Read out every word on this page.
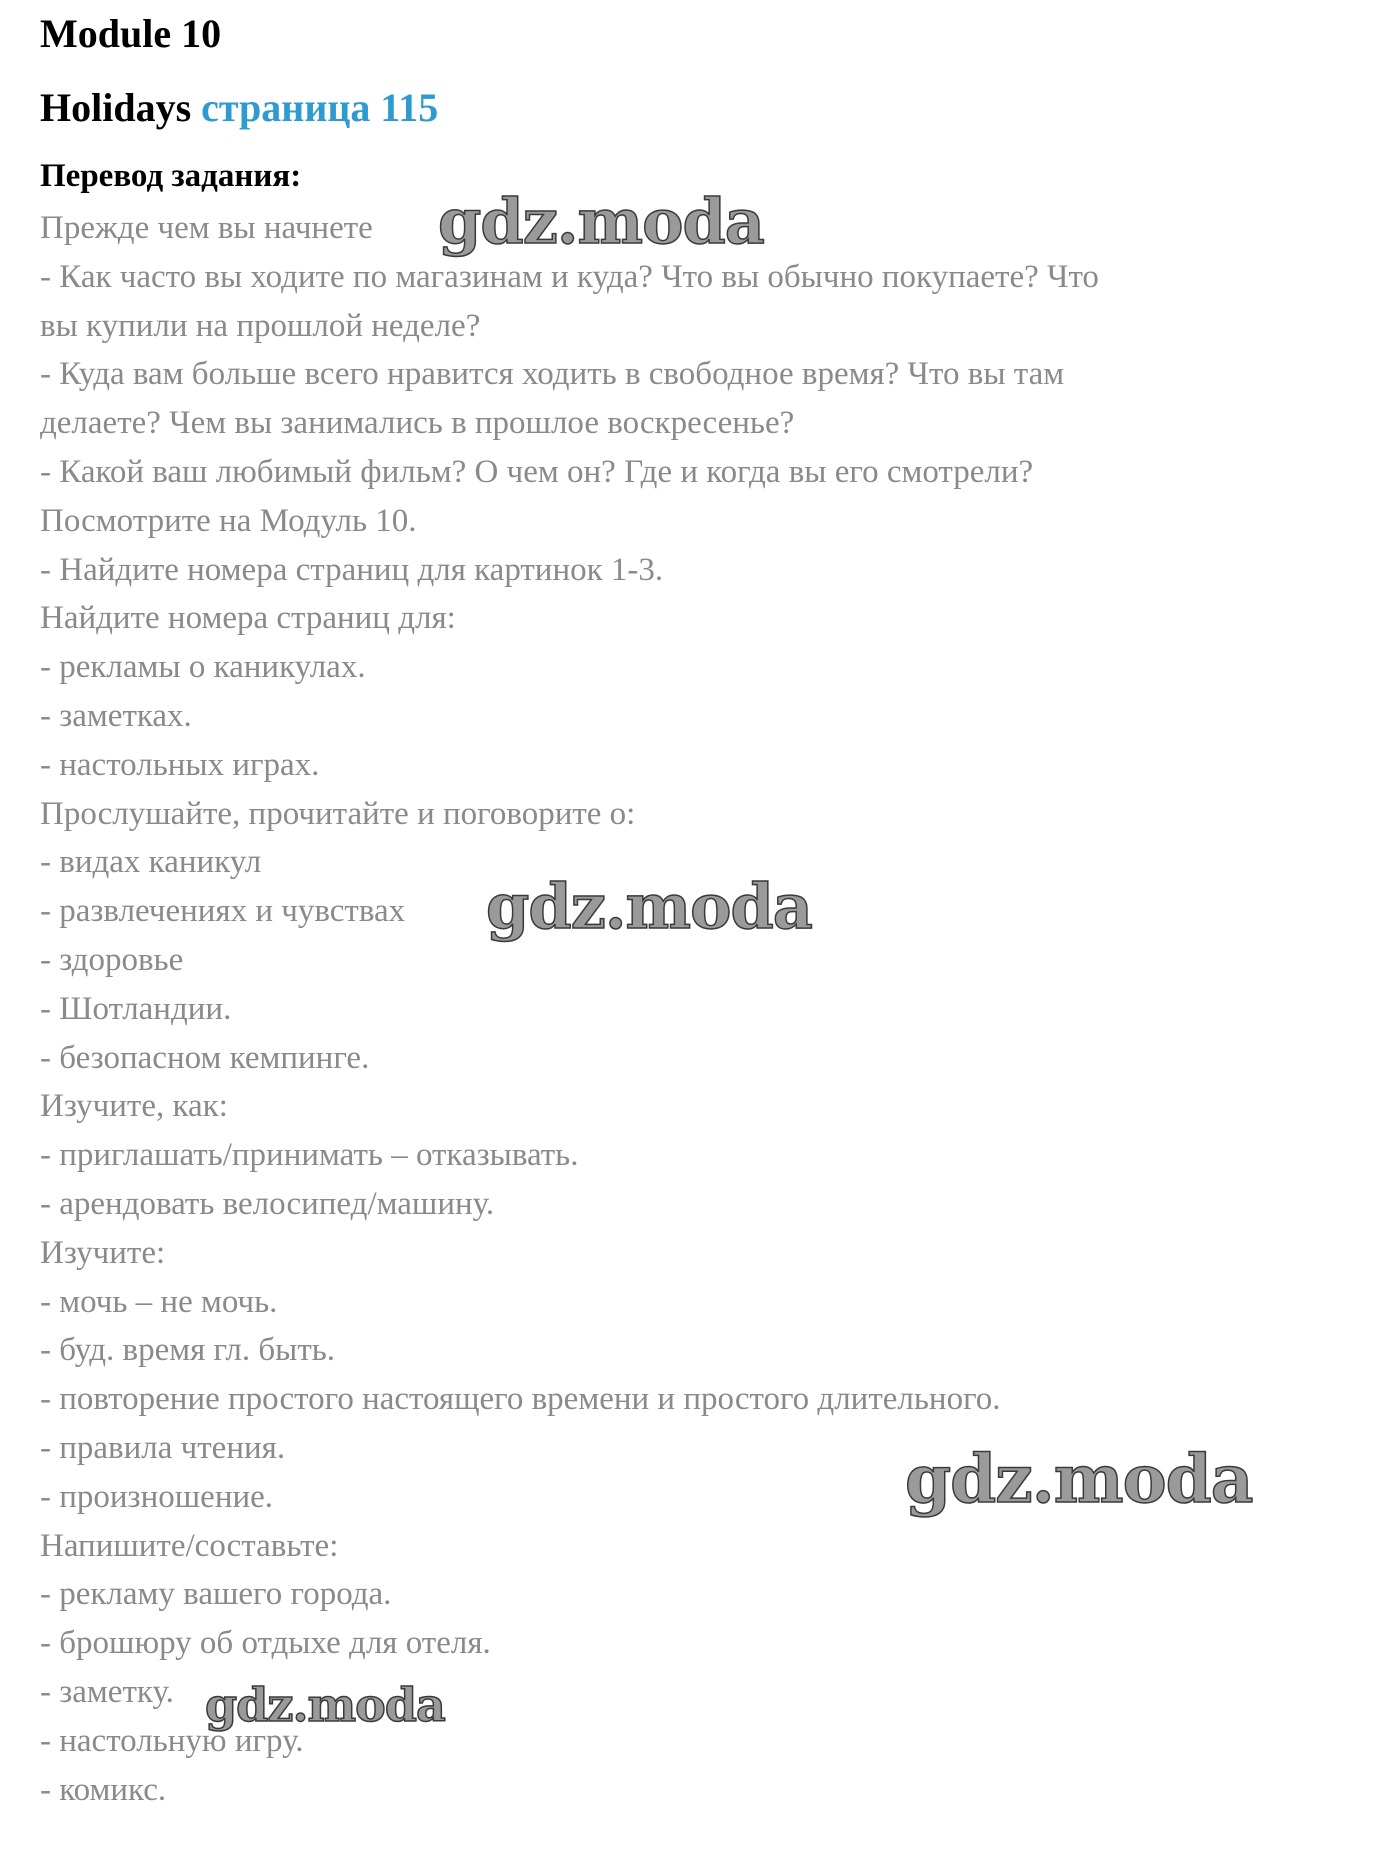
Module 10
Holidays страница 115
Перевод задания:
Прежде чем вы начнете
- Как часто вы ходите по магазинам и куда? Что вы обычно покупаете? Что
вы купили на прошлой неделе?
- Куда вам больше всего нравится ходить в свободное время? Что вы там
делаете? Чем вы занимались в прошлое воскресенье?
- Какой ваш любимый фильм? О чем он? Где и когда вы его смотрели?
Посмотрите на Модуль 10.
- Найдите номера страниц для картинок 1-3.
Найдите номера страниц для:
- рекламы о каникулах.
- заметках.
- настольных играх.
Прослушайте, прочитайте и поговорите о:
- видах каникул
- развлечениях и чувствах
- здоровье
- Шотландии.
- безопасном кемпинге.
Изучите, как:
- приглашать/принимать – отказывать.
- арендовать велосипед/машину.
Изучите:
- мочь – не мочь.
- буд. время гл. быть.
- повторение простого настоящего времени и простого длительного.
- правила чтения.
- произношение.
Напишите/составьте:
- рекламу вашего города.
- брошюру об отдыхе для отеля.
- заметку.
- настольную игру.
- комикс.
gdz.moda
gdz.moda
gdz.moda
gdz.moda
